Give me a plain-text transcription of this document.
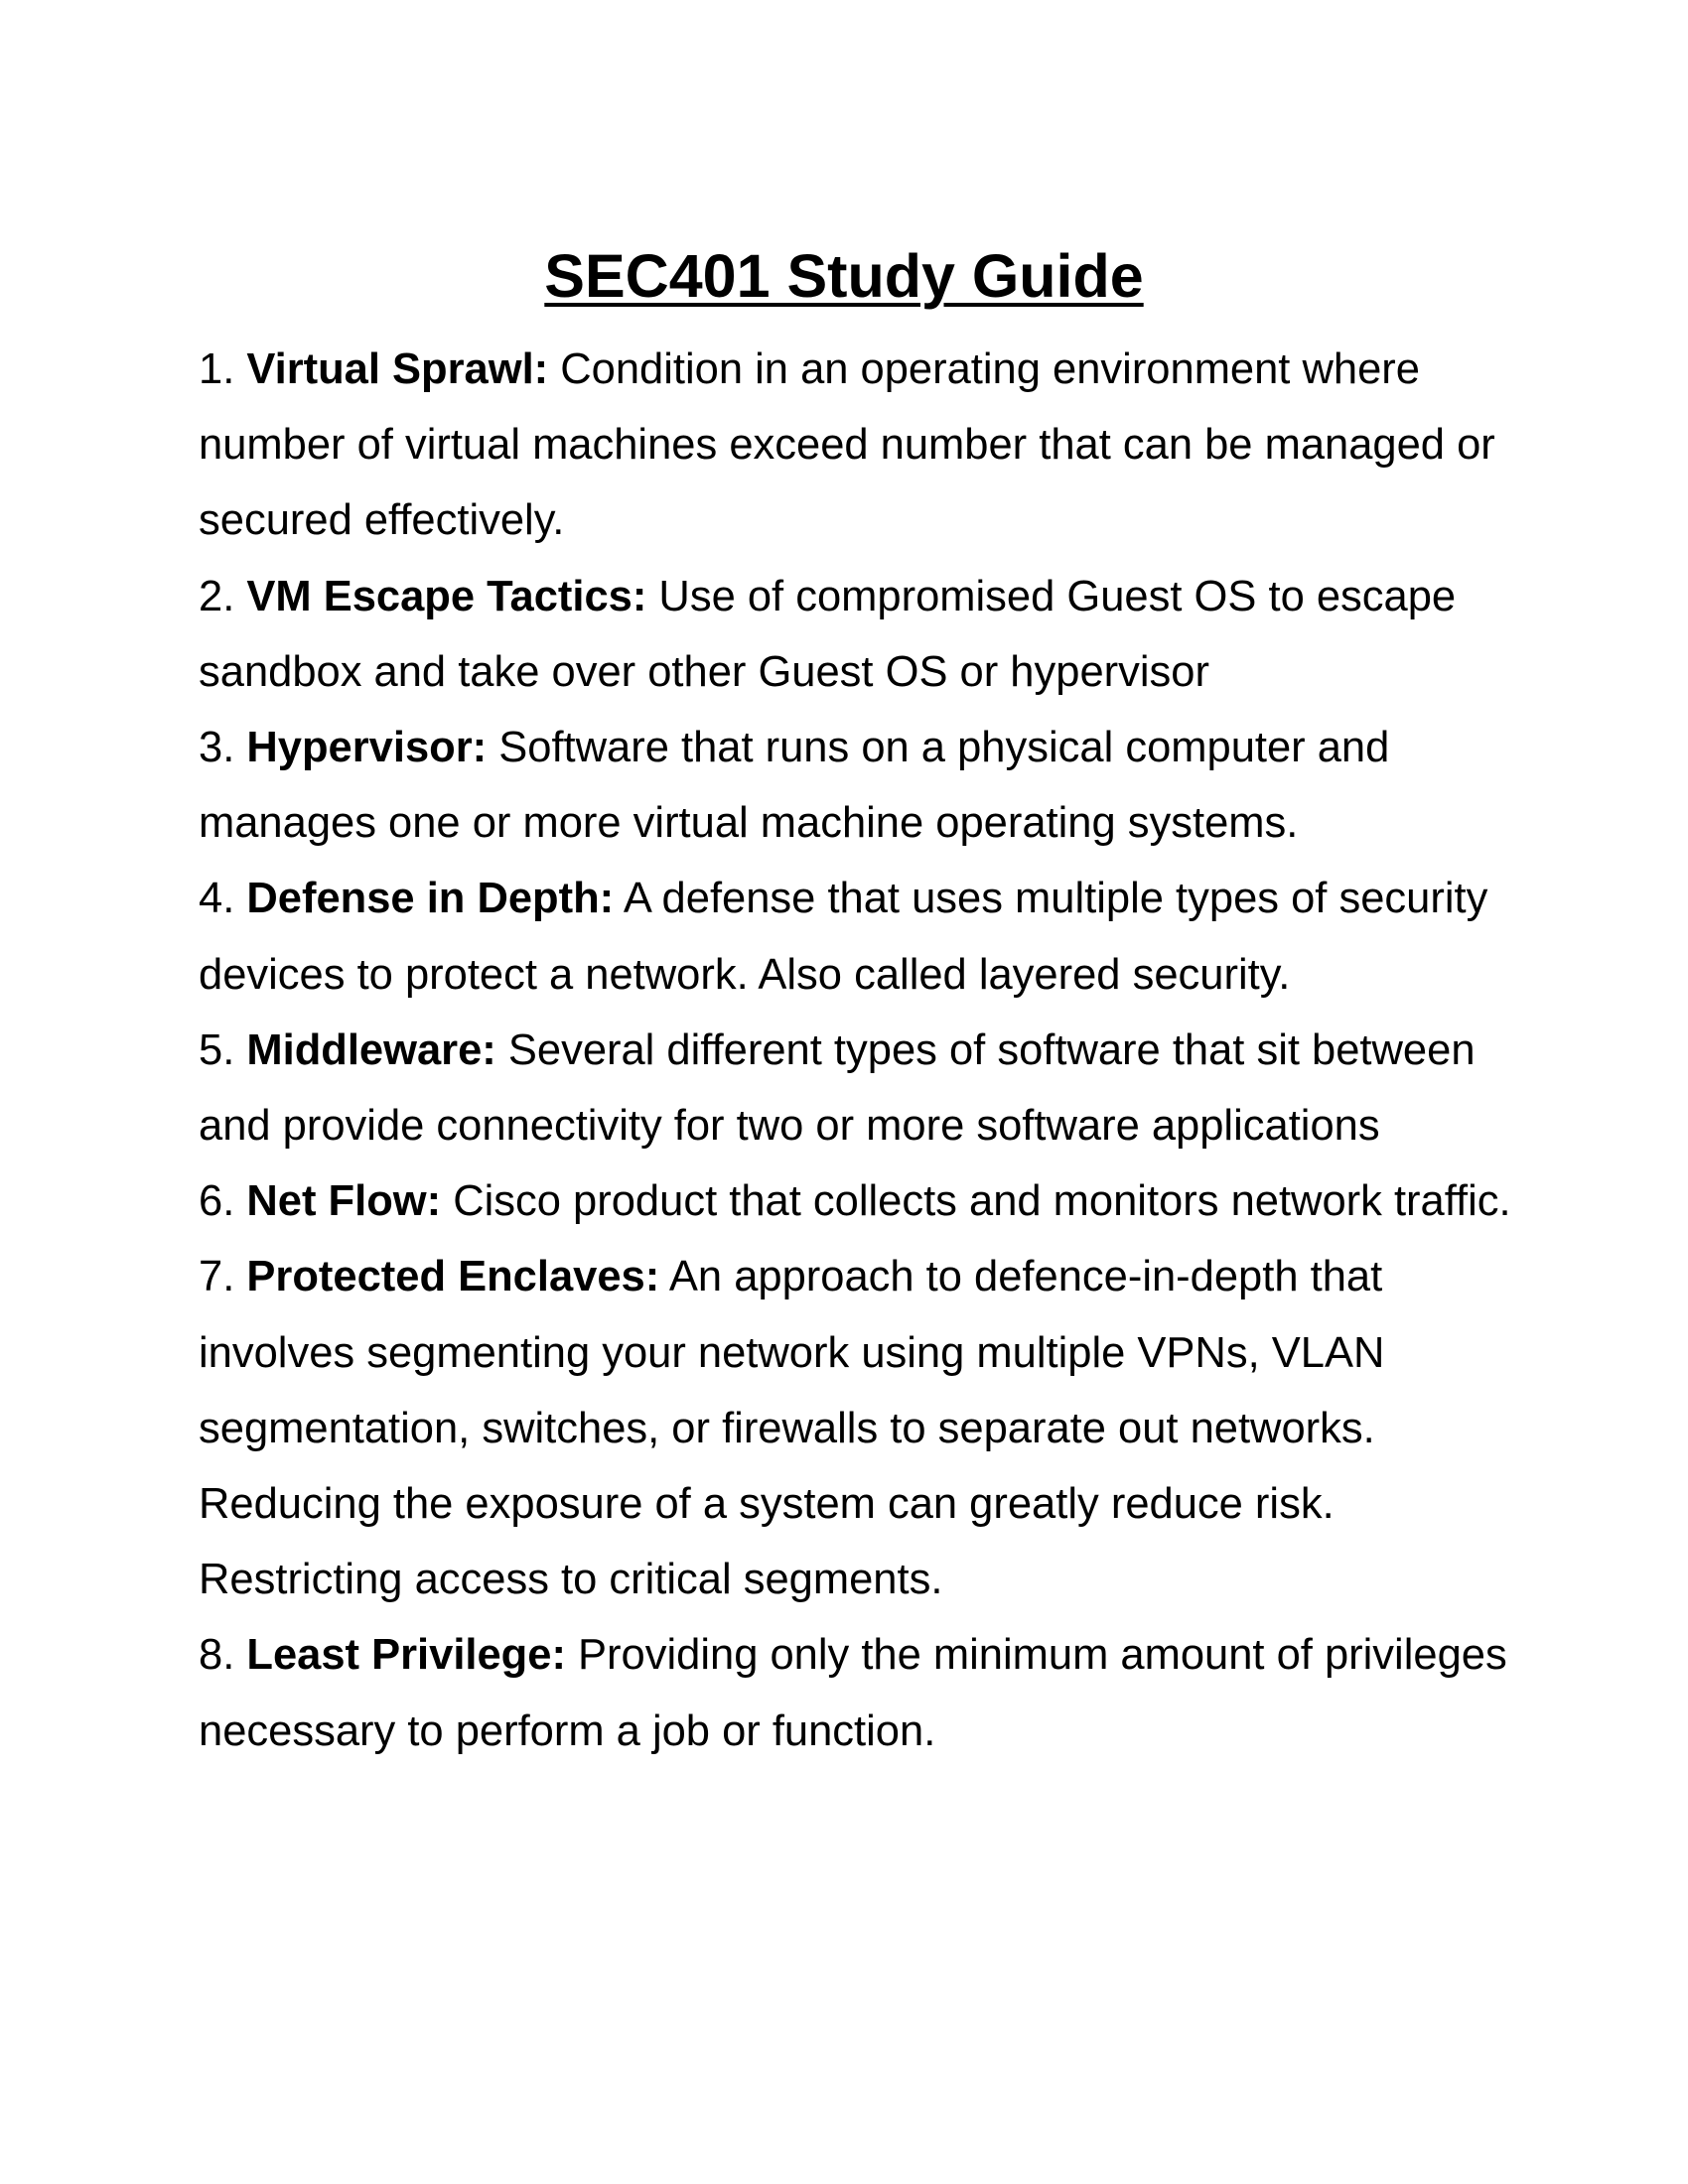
SEC401 Study Guide
1. Virtual Sprawl: Condition in an operating environment where number of virtual machines exceed number that can be managed or secured effectively.
2. VM Escape Tactics: Use of compromised Guest OS to escape sandbox and take over other Guest OS or hypervisor
3. Hypervisor: Software that runs on a physical computer and manages one or more virtual machine operating systems.
4. Defense in Depth: A defense that uses multiple types of security devices to protect a network. Also called layered security.
5. Middleware: Several different types of software that sit between and provide connectivity for two or more software applications
6. Net Flow: Cisco product that collects and monitors network traffic.
7. Protected Enclaves: An approach to defence-in-depth that involves segmenting your network using multiple VPNs, VLAN segmentation, switches, or firewalls to separate out networks. Reducing the exposure of a system can greatly reduce risk. Restricting access to critical segments.
8. Least Privilege: Providing only the minimum amount of privileges necessary to perform a job or function.
